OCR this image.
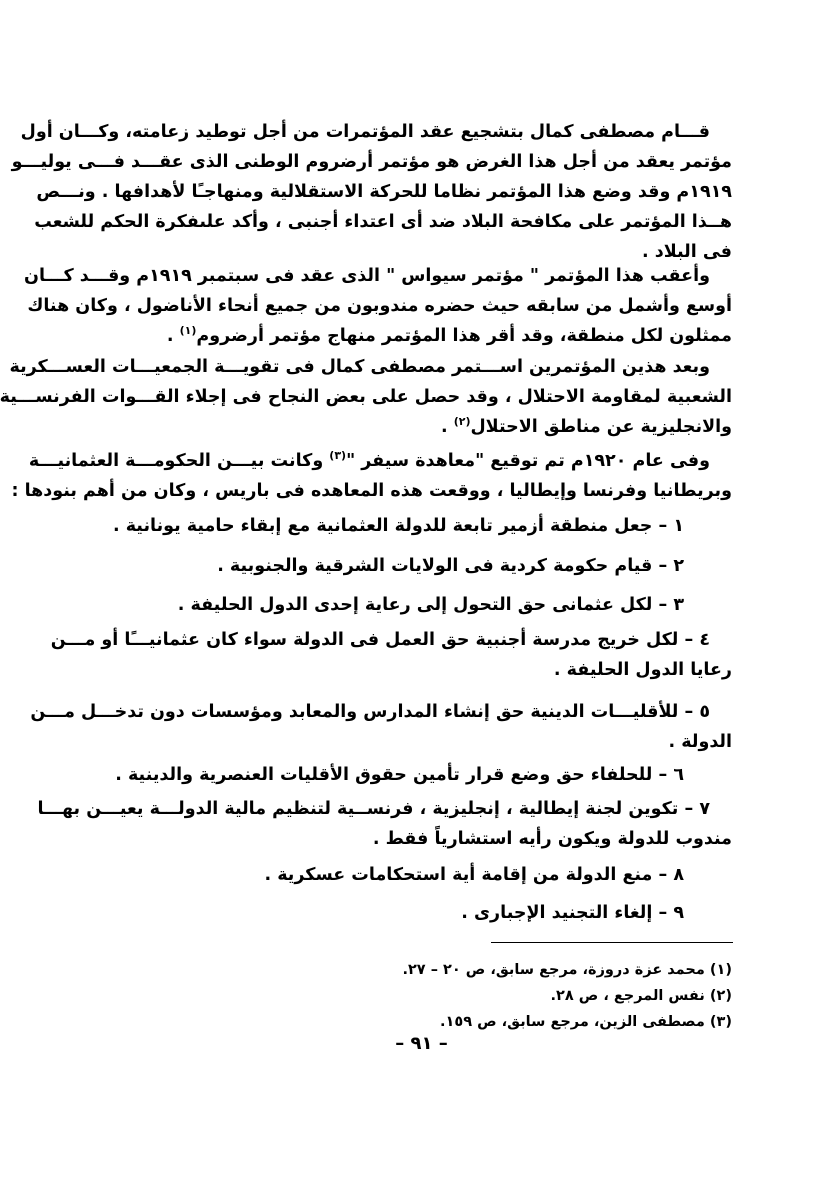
قـــام مصطفى كمال بتشجيع عقد المؤتمرات من أجل توطيد زعامته، وكـــان أول
مؤتمر يعقد من أجل هذا الغرض هو مؤتمر أرضروم الوطنى الذى عقـــد فـــى يوليـــو
١٩١٩م وقد وضع هذا المؤتمر نظاما للحركة الاستقلالية ومنهاجـًا لأهدافها . ونـــص
هــذا المؤتمر على مكافحة البلاد ضد أى اعتداء أجنبى ، وأكد علىفكرة الحكم للشعب
فى البلاد .
وأعقب هذا المؤتمر " مؤتمر سيواس " الذى عقد فى سبتمبر ١٩١٩م وقـــد كـــان
أوسع وأشمل من سابقه حيث حضره مندوبون من جميع أنحاء الأناضول ، وكان هناك
ممثلون لكل منطقة، وقد أقر هذا المؤتمر منهاج مؤتمر أرضروم$^{(١)}$ .
وبعد هذين المؤتمرين اســـتمر مصطفى كمال فى تقويـــة الجمعيـــات العســـكرية
الشعبية لمقاومة الاحتلال ، وقد حصل على بعض النجاح فى إجلاء القـــوات الفرنســـية
والانجليزية عن مناطق الاحتلال$^{(٢)}$ .
وفى عام ١٩٢٠م تم توقيع "معاهدة سيفر "$^{(٣)}$ وكانت بيـــن الحكومـــة العثمانيـــة
وبريطانيا وفرنسا وإيطاليا ، ووقعت هذه المعاهده فى باريس ، وكان من أهم بنودها :
١ – جعل منطقة أزمير تابعة للدولة العثمانية مع إبقاء حامية يونانية .
٢ – قيام حكومة كردية فى الولايات الشرقية والجنوبية .
٣ – لكل عثمانى حق التحول إلى رعاية إحدى الدول الحليفة .
٤ – لكل خريج مدرسة أجنبية حق العمل فى الدولة سواء كان عثمانيـــًا أو مـــن
رعايا الدول الحليفة .
٥ – للأقليـــات الدينية حق إنشاء المدارس والمعابد ومؤسسات دون تدخـــل مـــن
الدولة .
٦ – للحلفاء حق وضع قرار تأمين حقوق الأقليات العنصرية والدينية .
٧ – تكوين لجنة إيطالية ، إنجليزية ، فرنســية لتنظيم مالية الدولـــة يعيـــن بهـــا
مندوب للدولة ويكون رأيه استشارياً فقط .
٨ – منع الدولة من إقامة أية استحكامات عسكرية .
٩ – إلغاء التجنيد الإجبارى .
(١) محمد عزة دروزة، مرجع سابق، ص ٢٠ – ٢٧.
(٢) نفس المرجع ، ص ٢٨.
(٣) مصطفى الزين، مرجع سابق، ص ١٥٩.
– ٩١ –
